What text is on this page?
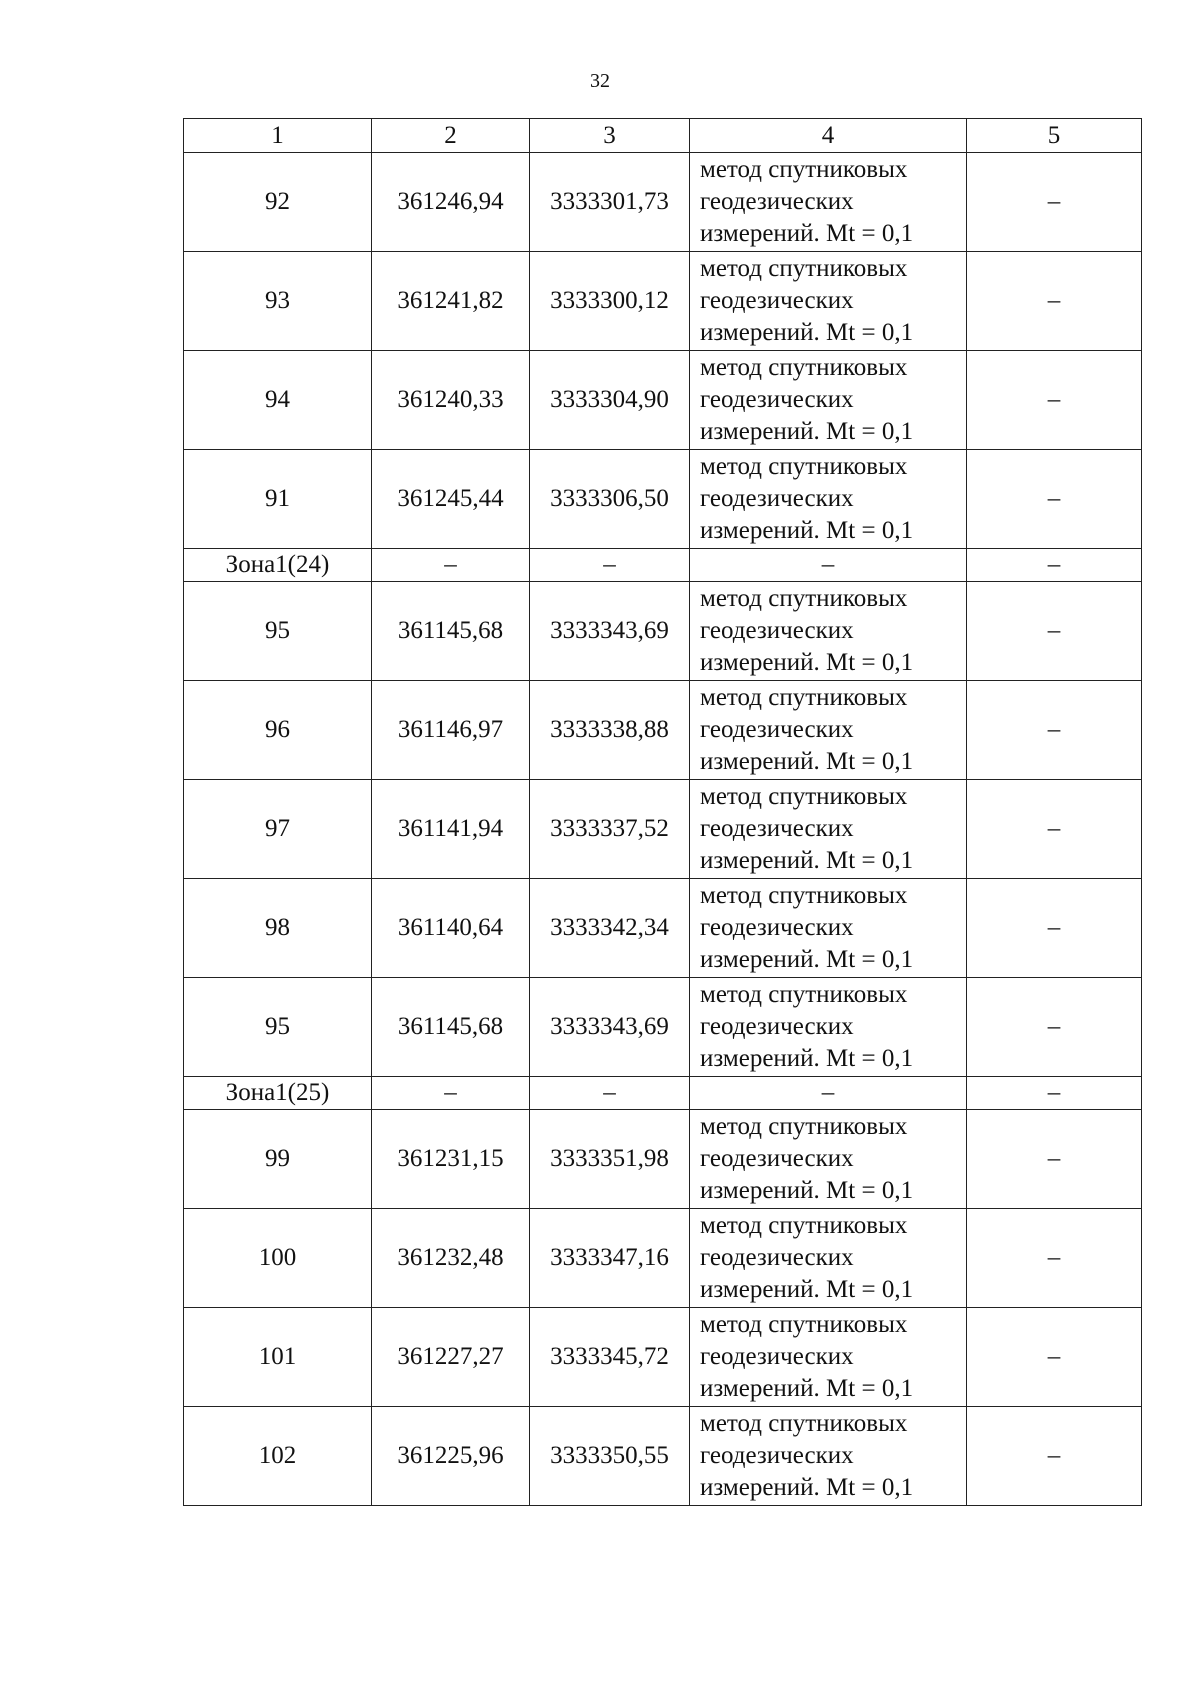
32
1	2	3	4	5
92	361246,94	3333301,73	метод спутниковых
геодезических
измерений. Mt = 0,1	–
93	361241,82	3333300,12	метод спутниковых
геодезических
измерений. Mt = 0,1	–
94	361240,33	3333304,90	метод спутниковых
геодезических
измерений. Mt = 0,1	–
91	361245,44	3333306,50	метод спутниковых
геодезических
измерений. Mt = 0,1	–
Зона1(24)	–	–	–	–
95	361145,68	3333343,69	метод спутниковых
геодезических
измерений. Mt = 0,1	–
96	361146,97	3333338,88	метод спутниковых
геодезических
измерений. Mt = 0,1	–
97	361141,94	3333337,52	метод спутниковых
геодезических
измерений. Mt = 0,1	–
98	361140,64	3333342,34	метод спутниковых
геодезических
измерений. Mt = 0,1	–
95	361145,68	3333343,69	метод спутниковых
геодезических
измерений. Mt = 0,1	–
Зона1(25)	–	–	–	–
99	361231,15	3333351,98	метод спутниковых
геодезических
измерений. Mt = 0,1	–
100	361232,48	3333347,16	метод спутниковых
геодезических
измерений. Mt = 0,1	–
101	361227,27	3333345,72	метод спутниковых
геодезических
измерений. Mt = 0,1	–
102	361225,96	3333350,55	метод спутниковых
геодезических
измерений. Mt = 0,1	–
